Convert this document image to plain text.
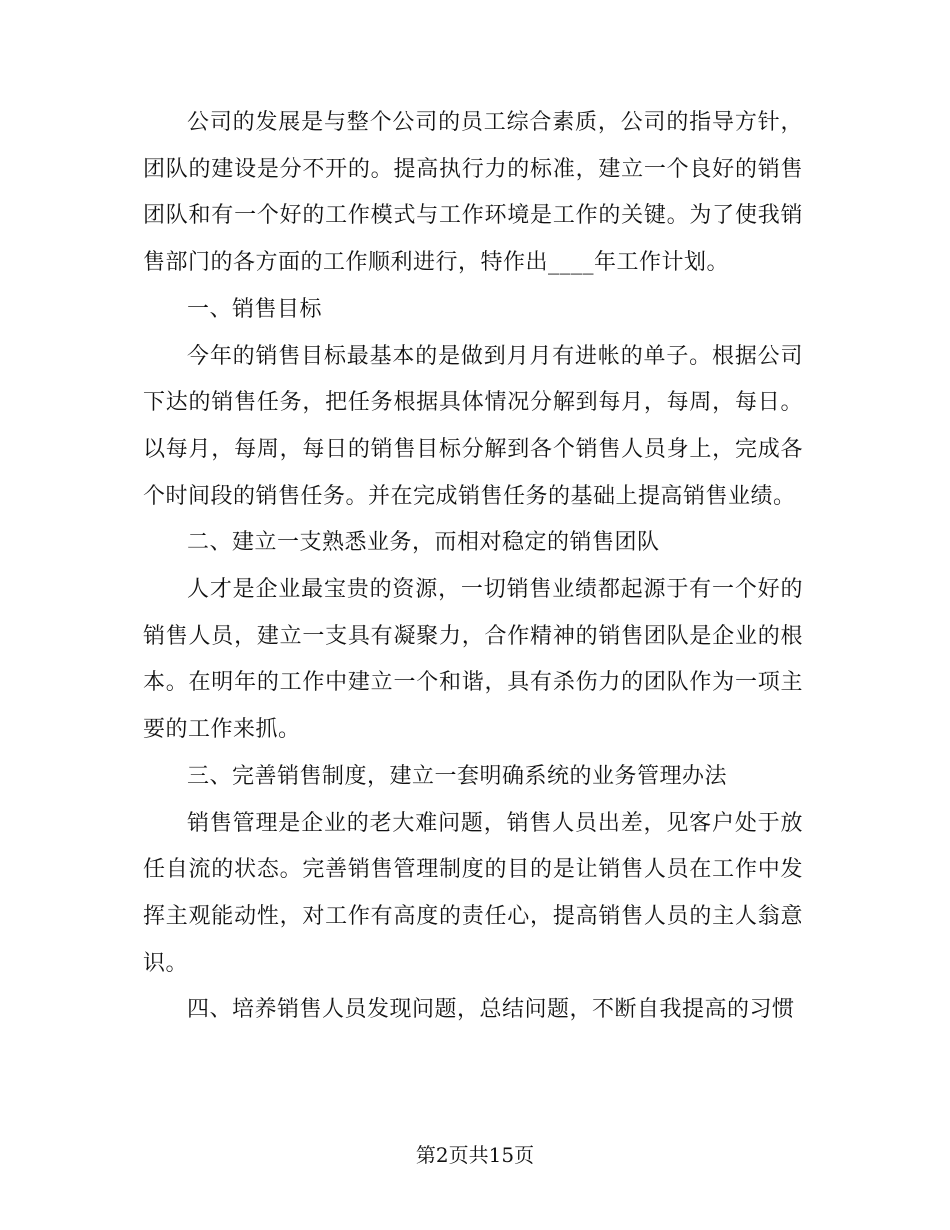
公司的发展是与整个公司的员工综合素质，公司的指导方针，团队的建设是分不开的。提高执行力的标准，建立一个良好的销售团队和有一个好的工作模式与工作环境是工作的关键。为了使我销售部门的各方面的工作顺利进行，特作出____年工作计划。

一、销售目标

今年的销售目标最基本的是做到月月有进帐的单子。根据公司下达的销售任务，把任务根据具体情况分解到每月，每周，每日。以每月，每周，每日的销售目标分解到各个销售人员身上，完成各个时间段的销售任务。并在完成销售任务的基础上提高销售业绩。

二、建立一支熟悉业务，而相对稳定的销售团队

人才是企业最宝贵的资源，一切销售业绩都起源于有一个好的销售人员，建立一支具有凝聚力，合作精神的销售团队是企业的根本。在明年的工作中建立一个和谐，具有杀伤力的团队作为一项主要的工作来抓。

三、完善销售制度，建立一套明确系统的业务管理办法

销售管理是企业的老大难问题，销售人员出差，见客户处于放任自流的状态。完善销售管理制度的目的是让销售人员在工作中发挥主观能动性，对工作有高度的责任心，提高销售人员的主人翁意识。

四、培养销售人员发现问题，总结问题，不断自我提高的习惯

第2页共15页
